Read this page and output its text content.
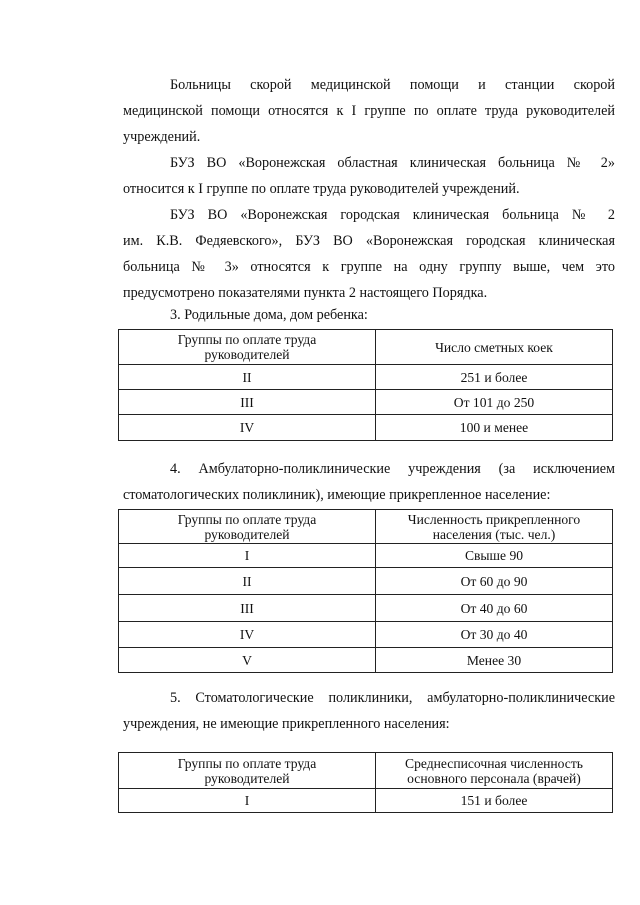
Больницы скорой медицинской помощи и станции скорой
медицинской помощи относятся к I группе по оплате труда руководителей
учреждений.

БУЗ ВО «Воронежская областная клиническая больница № 2»
относится к I группе по оплате труда руководителей учреждений.

БУЗ ВО «Воронежская городская клиническая больница № 2
им. К.В. Федяевского», БУЗ ВО «Воронежская городская клиническая
больница № 3» относятся к группе на одну группу выше, чем это
предусмотрено показателями пункта 2 настоящего Порядка.

3. Родильные дома, дом ребенка:

Группы по оплате труда
руководителей	Число сметных коек
II	251 и более
III	От 101 до 250
IV	100 и менее

4. Амбулаторно-поликлинические учреждения (за исключением
стоматологических поликлиник), имеющие прикрепленное население:

Группы по оплате труда
руководителей	Численность прикрепленного
населения (тыс. чел.)
I	Свыше 90
II	От 60 до 90
III	От 40 до 60
IV	От 30 до 40
V	Менее 30

5. Стоматологические поликлиники, амбулаторно-поликлинические
учреждения, не имеющие прикрепленного населения:

Группы по оплате труда
руководителей	Среднесписочная численность
основного персонала (врачей)
I	151 и более
